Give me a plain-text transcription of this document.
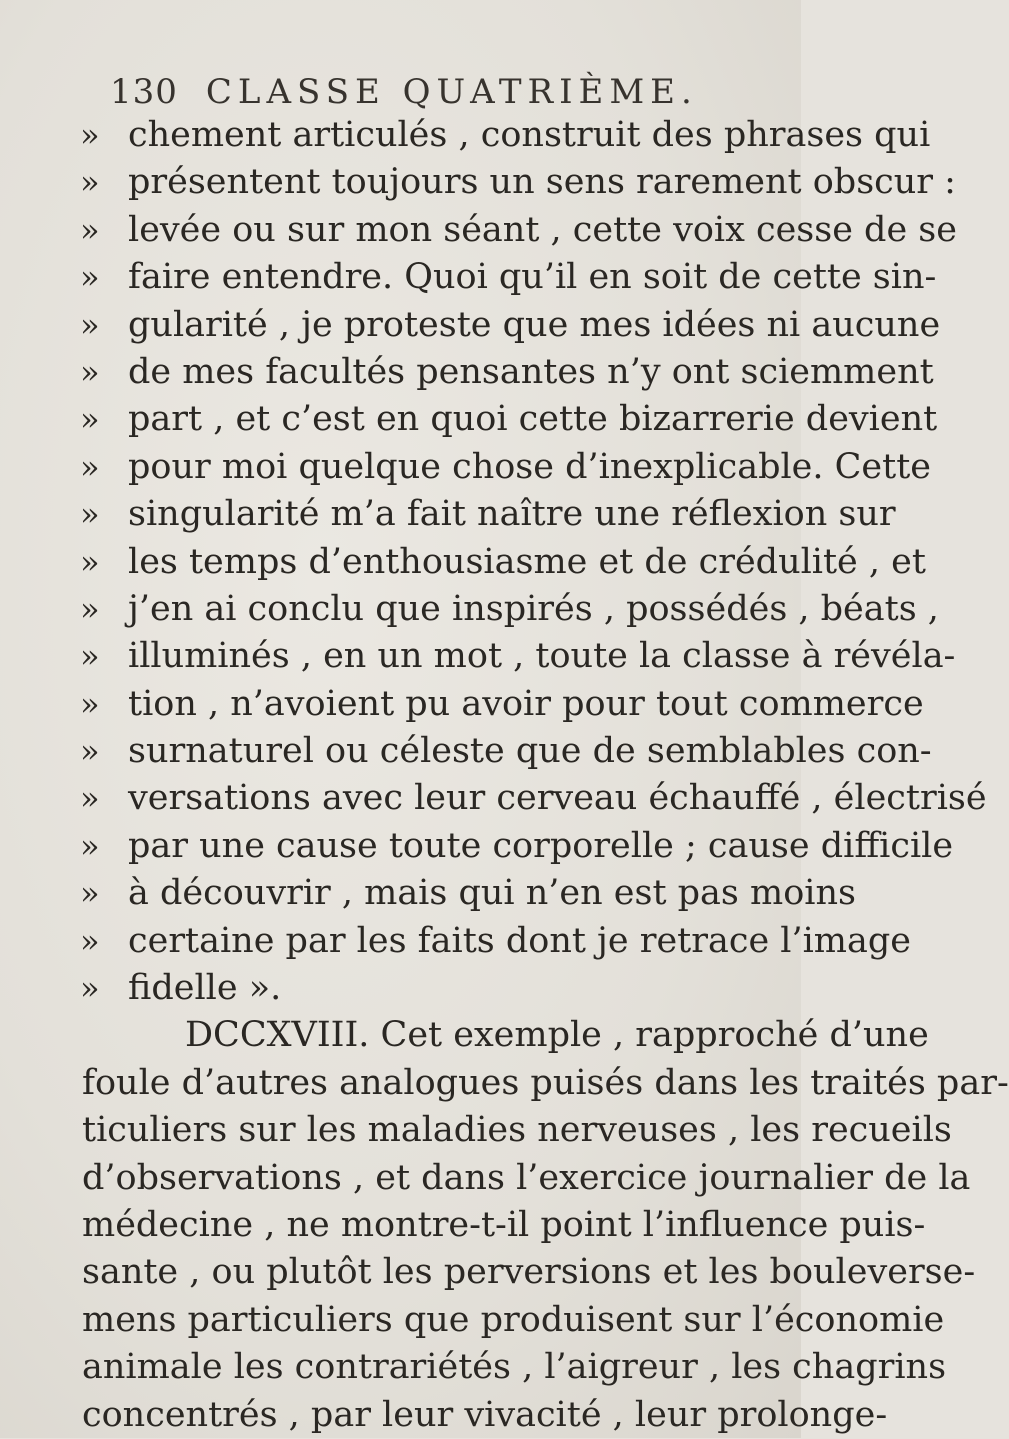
130 CLASSE QUATRIÈME.
» chement articulés , construit des phrases qui
» présentent toujours un sens rarement obscur :
» levée ou sur mon séant , cette voix cesse de se
» faire entendre. Quoi qu’il en soit de cette sin-
» gularité , je proteste que mes idées ni aucune
» de mes facultés pensantes n’y ont sciemment
» part , et c’est en quoi cette bizarrerie devient
» pour moi quelque chose d’inexplicable. Cette
» singularité m’a fait naître une réflexion sur
» les temps d’enthousiasme et de crédulité , et
» j’en ai conclu que inspirés , possédés , béats ,
» illuminés , en un mot , toute la classe à révéla-
» tion , n’avoient pu avoir pour tout commerce
» surnaturel ou céleste que de semblables con-
» versations avec leur cerveau échauffé , électrisé
» par une cause toute corporelle ; cause difficile
» à découvrir , mais qui n’en est pas moins
» certaine par les faits dont je retrace l’image
» fidelle ».
DCCXVIII. Cet exemple , rapproché d’une
foule d’autres analogues puisés dans les traités par-
ticuliers sur les maladies nerveuses , les recueils
d’observations , et dans l’exercice journalier de la
médecine , ne montre-t-il point l’influence puis-
sante , ou plutôt les perversions et les bouleverse-
mens particuliers que produisent sur l’économie
animale les contrariétés , l’aigreur , les chagrins
concentrés , par leur vivacité , leur prolonge-
